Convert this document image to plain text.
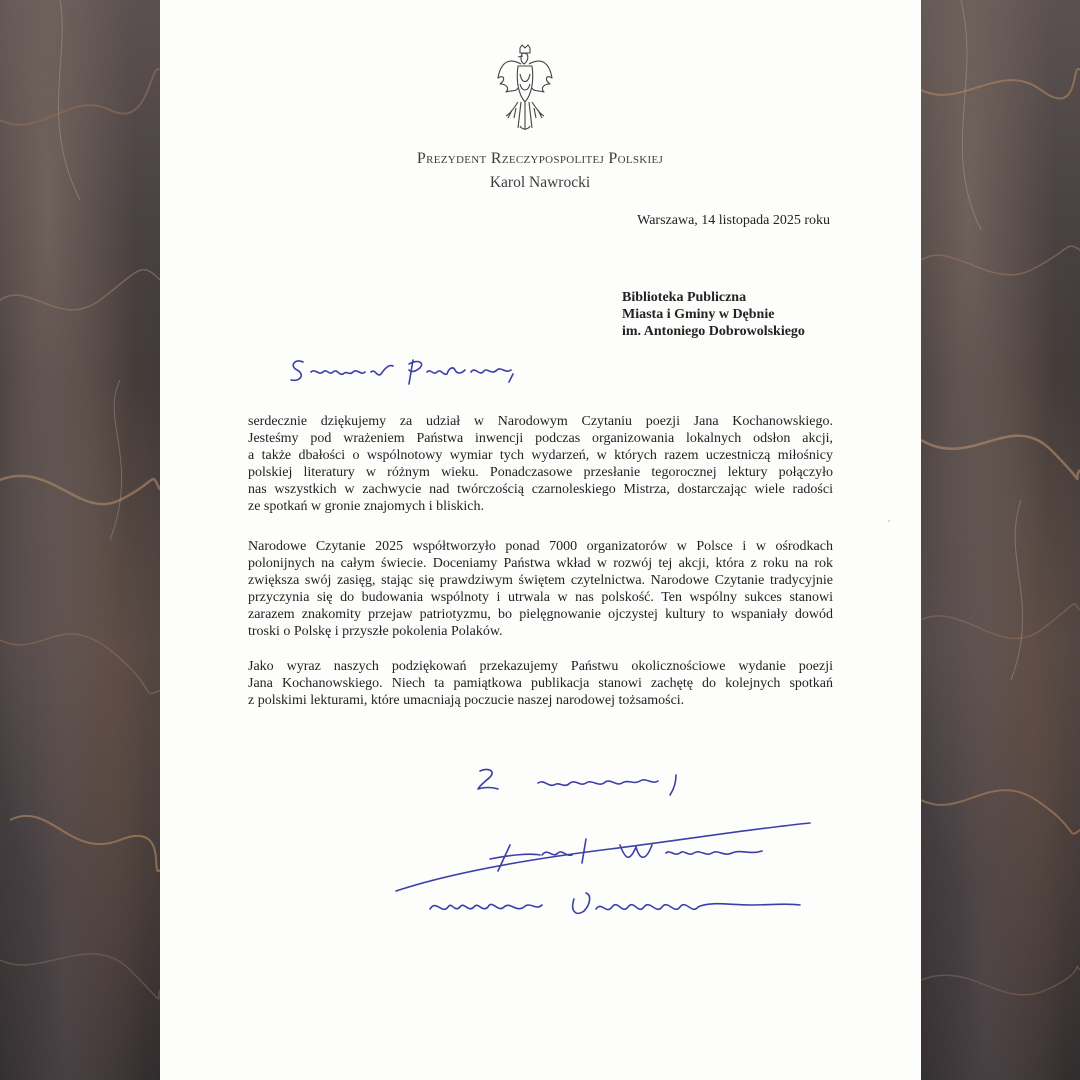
Prezydent Rzeczypospolitej Polskiej
Karol Nawrocki
Warszawa, 14 listopada 2025 roku
Biblioteka Publiczna
Miasta i Gminy w Dębnie
im. Antoniego Dobrowolskiego
serdecznie dziękujemy za udział w Narodowym Czytaniu poezji Jana Kochanowskiego.
Jesteśmy pod wrażeniem Państwa inwencji podczas organizowania lokalnych odsłon akcji,
a także dbałości o wspólnotowy wymiar tych wydarzeń, w których razem uczestniczą miłośnicy
polskiej literatury w różnym wieku. Ponadczasowe przesłanie tegorocznej lektury połączyło
nas wszystkich w zachwycie nad twórczością czarnoleskiego Mistrza, dostarczając wiele radości
ze spotkań w gronie znajomych i bliskich.
Narodowe Czytanie 2025 współtworzyło ponad 7000 organizatorów w Polsce i w ośrodkach
polonijnych na całym świecie. Doceniamy Państwa wkład w rozwój tej akcji, która z roku na rok
zwiększa swój zasięg, stając się prawdziwym świętem czytelnictwa. Narodowe Czytanie tradycyjnie
przyczynia się do budowania wspólnoty i utrwala w nas polskość. Ten wspólny sukces stanowi
zarazem znakomity przejaw patriotyzmu, bo pielęgnowanie ojczystej kultury to wspaniały dowód
troski o Polskę i przyszłe pokolenia Polaków.
Jako wyraz naszych podziękowań przekazujemy Państwu okolicznościowe wydanie poezji
Jana Kochanowskiego. Niech ta pamiątkowa publikacja stanowi zachętę do kolejnych spotkań
z polskimi lekturami, które umacniają poczucie naszej narodowej tożsamości.
